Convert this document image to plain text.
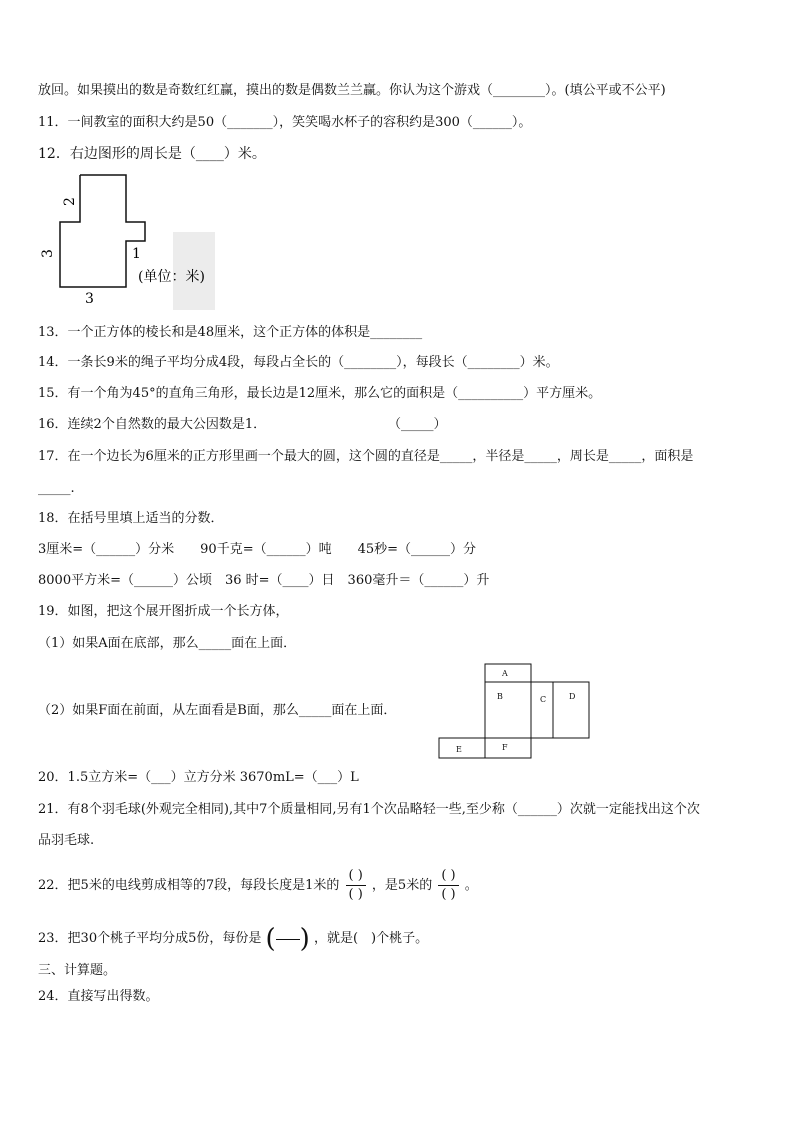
放回。如果摸出的数是奇数红红赢，摸出的数是偶数兰兰赢。你认为这个游戏（________）。(填公平或不公平)
11．一间教室的面积大约是50（_______），笑笑喝水杯子的容积约是300（______）。
12．右边图形的周长是（____）米。
2
3	1
3
(单位：米)
13．一个正方体的棱长和是48厘米，这个正方体的体积是________
14．一条长9米的绳子平均分成4段，每段占全长的（________），每段长（________）米。
15．有一个角为45°的直角三角形，最长边是12厘米，那么它的面积是（__________）平方厘米。
16．连续2个自然数的最大公因数是1．	（_____）
17．在一个边长为6厘米的正方形里画一个最大的圆，这个圆的直径是_____，半径是_____，周长是_____，面积是
_____.
18．在括号里填上适当的分数．
3厘米=（______）分米　　90千克=（______）吨　　45秒=（______）分
8000平方米=（______）公顷　36 时=（____）日　360毫升＝（______）升
19．如图，把这个展开图折成一个长方体，
（1）如果A面在底部，那么_____面在上面．
（2）如果F面在前面，从左面看是B面，那么_____面在上面．
A
B	C	D
E	F
20．1.5立方米=（___）立方分米 3670mL=（___）L
21．有8个羽毛球(外观完全相同),其中7个质量相同,另有1个次品略轻一些,至少称（______）次就一定能找出这个次
品羽毛球.
22．把5米的电线剪成相等的7段，每段长度是1米的 $\frac{( )}{( )}$ ，是5米的 $\frac{( )}{( )}$ 。
23．把30个桃子平均分成5份，每份是 ( ) ，就是(　)个桃子。
三、计算题。
24．直接写出得数。
